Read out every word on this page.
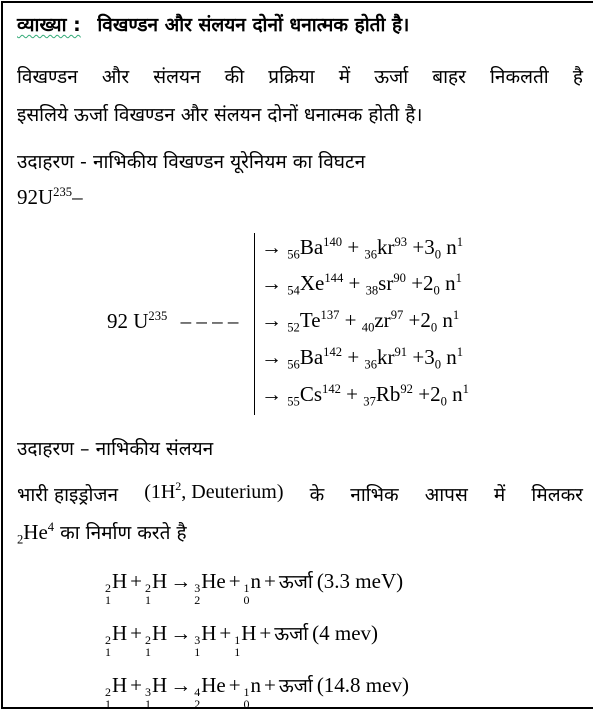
व्याख्या : विखण्डन और संलयन दोनों धनात्मक होती है।
विखण्डन और संलयन की प्रक्रिया में ऊर्जा बाहर निकलती है
इसलिये ऊर्जा विखण्डन और संलयन दोनों धनात्मक होती है।
उदाहरण - नाभिकीय विखण्डन यूरेनियम का विघटन
$92U^{235}-$
92 $U^{235}$ – – – –
→ $_{56}Ba^{140} + _{36}kr^{93} +3_0$ $n^1$
→ $_{54}Xe^{144} + _{38}sr^{90} +2_0$ $n^1$
→ $_{52}Te^{137} + _{40}zr^{97} +2_0$ $n^1$
→ $_{56}Ba^{142} + _{36}kr^{91} +3_0$ $n^1$
→ $_{55}Cs^{142} + _{37}Rb^{92} +2_0$ $n^1$
उदाहरण – नाभिकीय संलयन
भारी हाइड्रोजन ($1H^2$, Deuterium) के नाभिक आपस में मिलकर
$_2He^4$ का निर्माण करते है
2
1
H + 2
1
H → 3
2
He + 1
0
n + ऊर्जा (3.3 meV)
2
1
H + 2
1
H → 3
1
H + 1
1
H + ऊर्जा (4 mev)
2
1
H + 3
1
H → 4
2
He + 1
0
n + ऊर्जा (14.8 mev)
